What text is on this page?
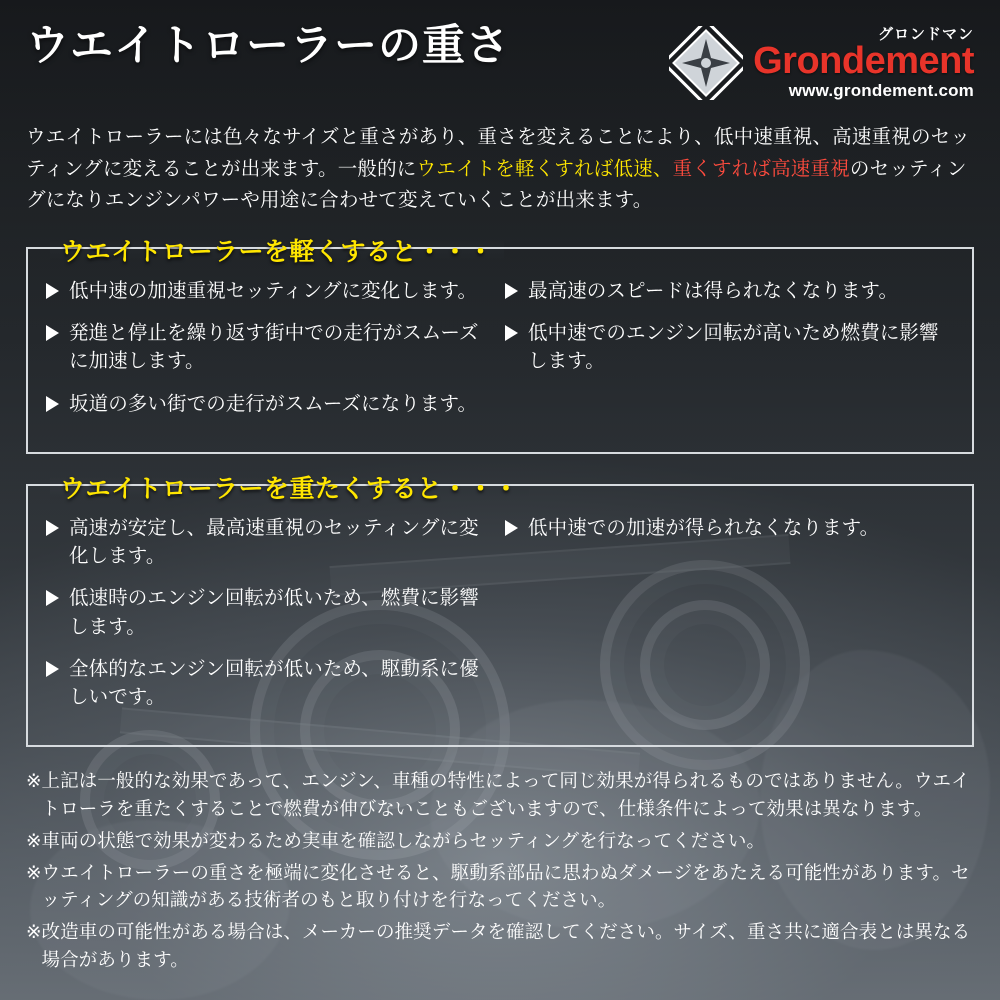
ウエイトローラーの重さ	グロンドマン
Grondement
www.grondement.com
ウエイトローラーには色々なサイズと重さがあり、重さを変えることにより、低中速重視、高速重視のセッティングに変えることが出来ます。一般的にウエイトを軽くすれば低速、重くすれば高速重視のセッティングになりエンジンパワーや用途に合わせて変えていくことが出来ます。
ウエイトローラーを軽くすると・・・
低中速の加速重視セッティングに変化します。
発進と停止を繰り返す街中での走行がスムーズに加速します。
坂道の多い街での走行がスムーズになります。
最高速のスピードは得られなくなります。
低中速でのエンジン回転が高いため燃費に影響します。
ウエイトローラーを重たくすると・・・
高速が安定し、最高速重視のセッティングに変化します。
低速時のエンジン回転が低いため、燃費に影響します。
全体的なエンジン回転が低いため、駆動系に優しいです。
低中速での加速が得られなくなります。
※ 上記は一般的な効果であって、エンジン、車種の特性によって同じ効果が得られるものではありません。ウエイトローラを重たくすることで燃費が伸びないこともございますので、仕様条件によって効果は異なります。
※ 車両の状態で効果が変わるため実車を確認しながらセッティングを行なってください。
※ ウエイトローラーの重さを極端に変化させると、駆動系部品に思わぬダメージをあたえる可能性があります。セッティングの知識がある技術者のもと取り付けを行なってください。
※ 改造車の可能性がある場合は、メーカーの推奨データを確認してください。サイズ、重さ共に適合表とは異なる場合があります。
